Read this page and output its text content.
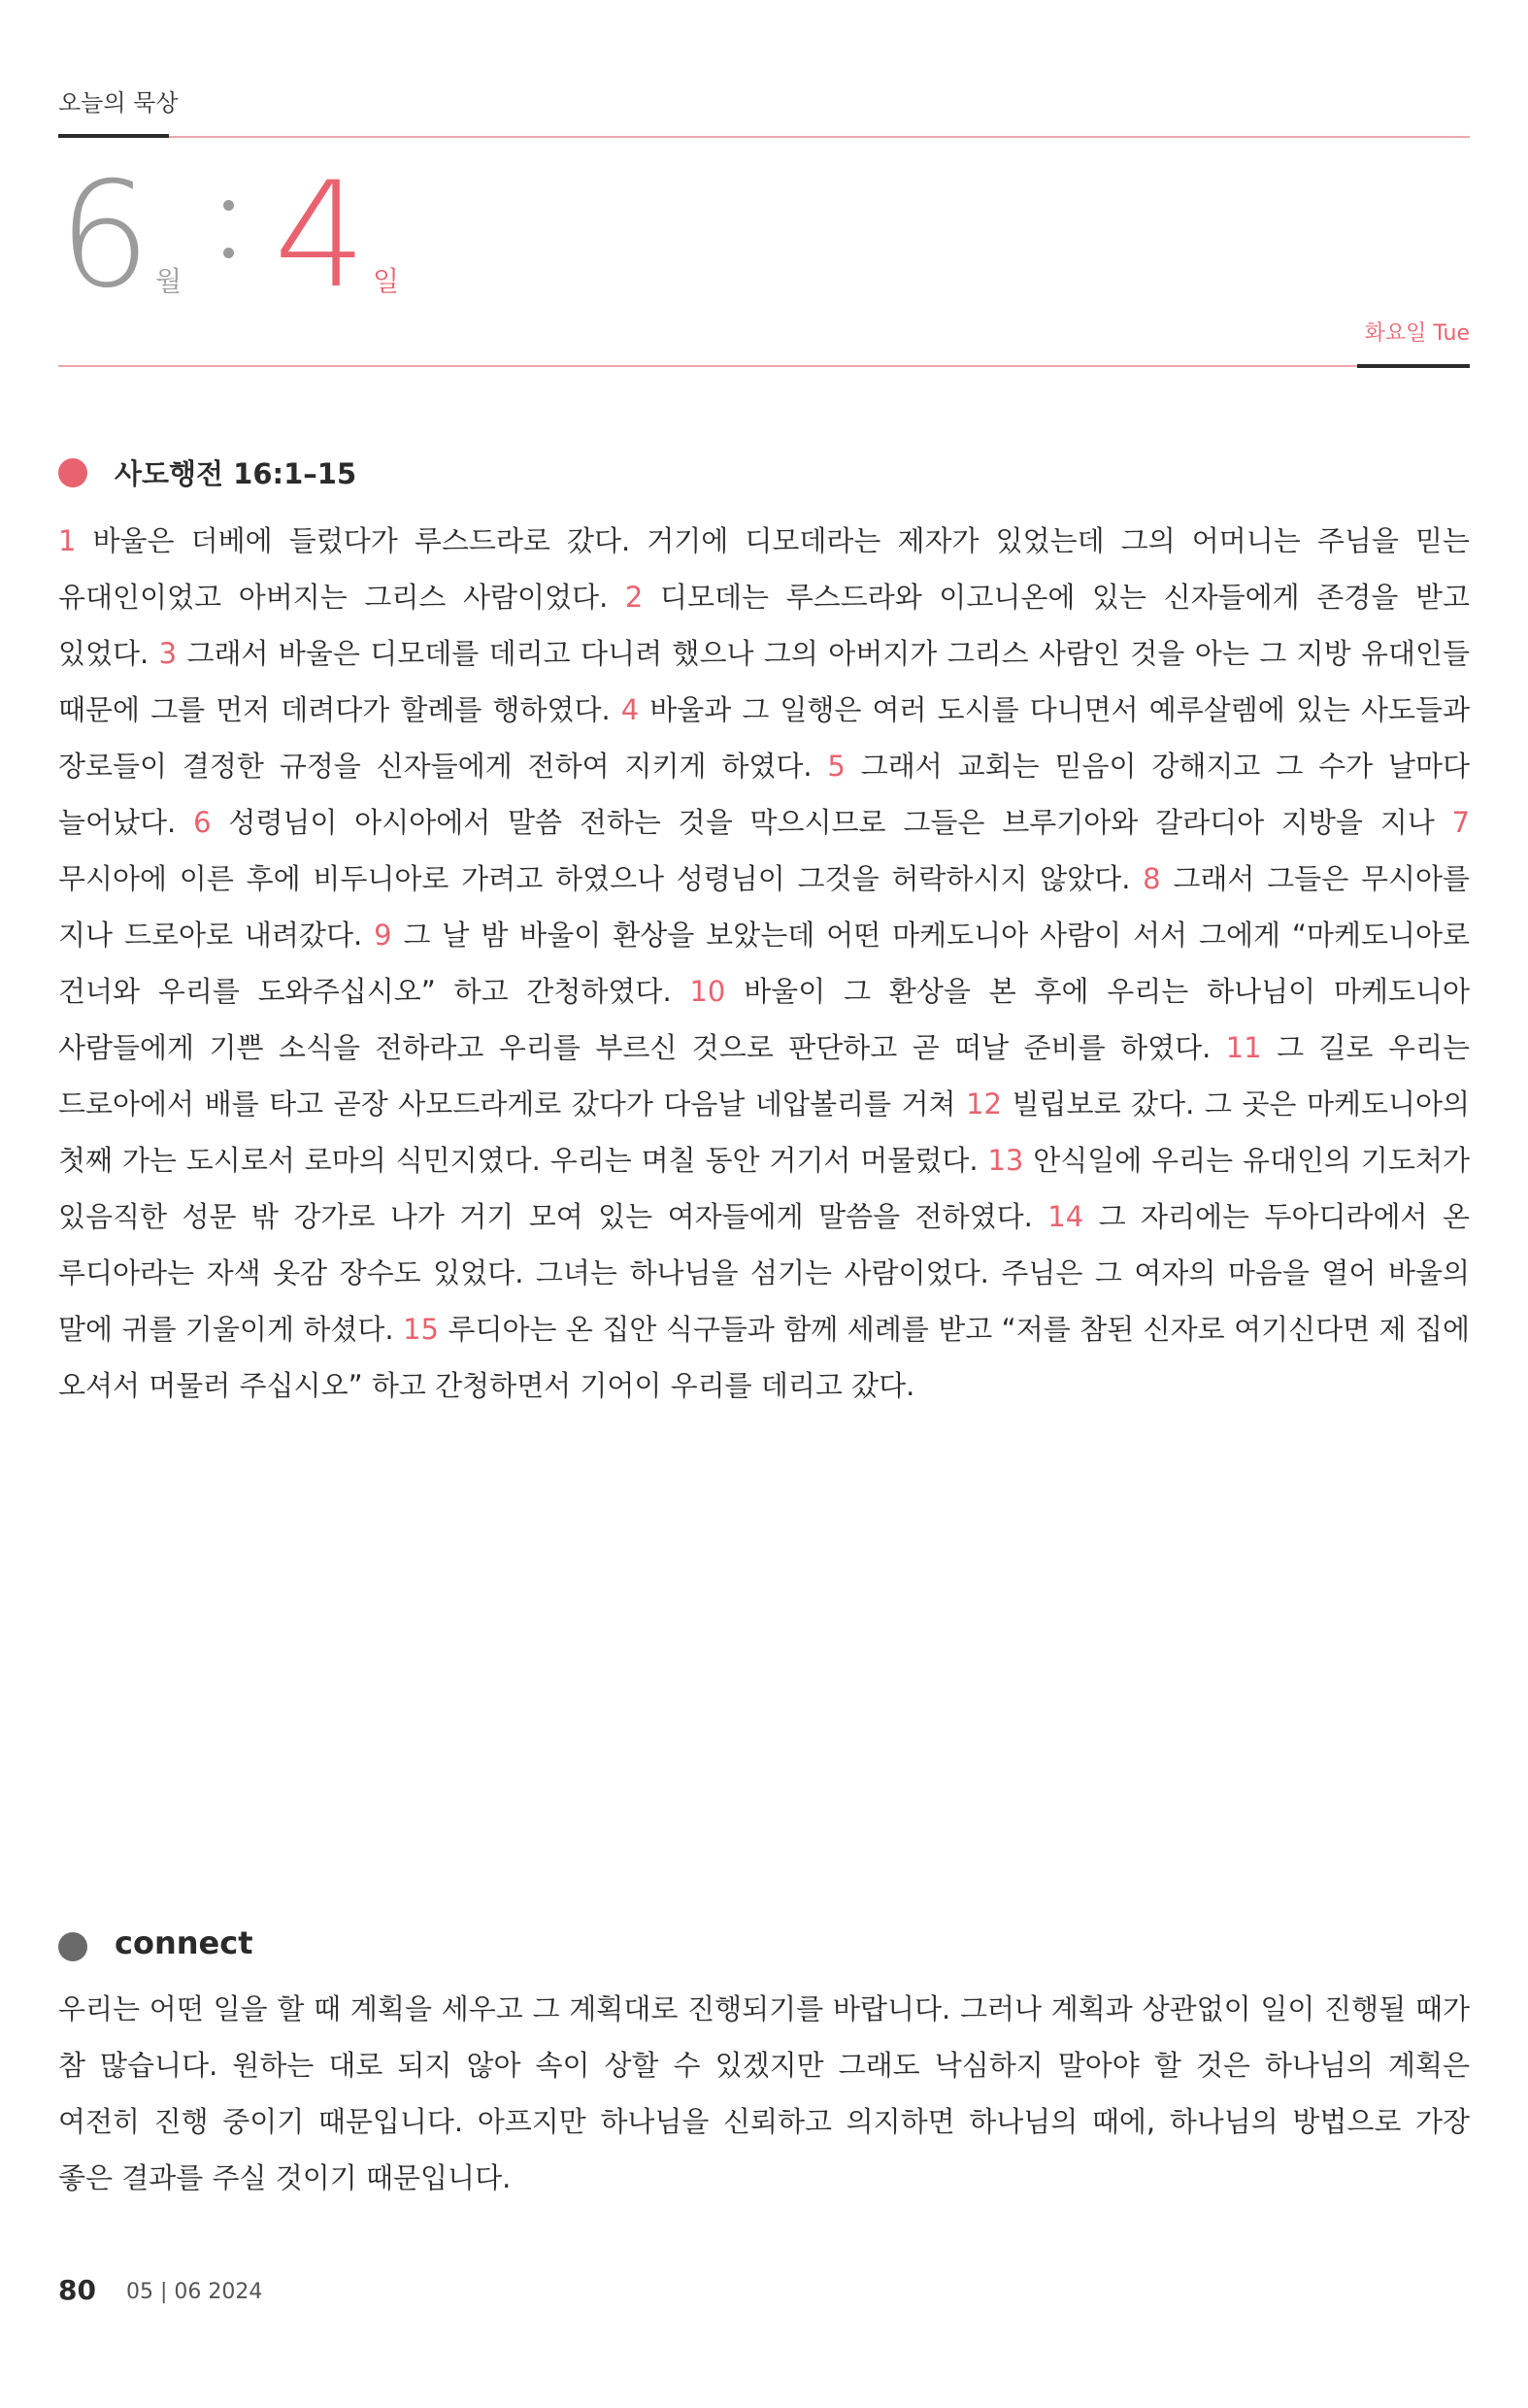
오늘의 묵상
6 월 4 일
화요일 Tue
사도행전 16:1–15

1 바울은 더베에 들렀다가 루스드라로 갔다. 거기에 디모데라는 제자가 있었는데 그의 어머니는 주님을 믿는 유대인이었고 아버지는 그리스 사람이었다. 2 디모데는 루스드라와 이고니온에 있는 신자들에게 존경을 받고 있었다. 3 그래서 바울은 디모데를 데리고 다니려 했으나 그의 아버지가 그리스 사람인 것을 아는 그 지방 유대인들 때문에 그를 먼저 데려다가 할례를 행하였다. 4 바울과 그 일행은 여러 도시를 다니면서 예루살렘에 있는 사도들과 장로들이 결정한 규정을 신자들에게 전하여 지키게 하였다. 5 그래서 교회는 믿음이 강해지고 그 수가 날마다 늘어났다. 6 성령님이 아시아에서 말씀 전하는 것을 막으시므로 그들은 브루기아와 갈라디아 지방을 지나 7 무시아에 이른 후에 비두니아로 가려고 하였으나 성령님이 그것을 허락하시지 않았다. 8 그래서 그들은 무시아를 지나 드로아로 내려갔다. 9 그 날 밤 바울이 환상을 보았는데 어떤 마케도니아 사람이 서서 그에게 “마케도니아로 건너와 우리를 도와주십시오” 하고 간청하였다. 10 바울이 그 환상을 본 후에 우리는 하나님이 마케도니아 사람들에게 기쁜 소식을 전하라고 우리를 부르신 것으로 판단하고 곧 떠날 준비를 하였다. 11 그 길로 우리는 드로아에서 배를 타고 곧장 사모드라게로 갔다가 다음날 네압볼리를 거쳐 12 빌립보로 갔다. 그 곳은 마케도니아의 첫째 가는 도시로서 로마의 식민지였다. 우리는 며칠 동안 거기서 머물렀다. 13 안식일에 우리는 유대인의 기도처가 있음직한 성문 밖 강가로 나가 거기 모여 있는 여자들에게 말씀을 전하였다. 14 그 자리에는 두아디라에서 온 루디아라는 자색 옷감 장수도 있었다. 그녀는 하나님을 섬기는 사람이었다. 주님은 그 여자의 마음을 열어 바울의 말에 귀를 기울이게 하셨다. 15 루디아는 온 집안 식구들과 함께 세례를 받고 “저를 참된 신자로 여기신다면 제 집에 오셔서 머물러 주십시오” 하고 간청하면서 기어이 우리를 데리고 갔다.

connect

우리는 어떤 일을 할 때 계획을 세우고 그 계획대로 진행되기를 바랍니다. 그러나 계획과 상관없이 일이 진행될 때가 참 많습니다. 원하는 대로 되지 않아 속이 상할 수 있겠지만 그래도 낙심하지 말아야 할 것은 하나님의 계획은 여전히 진행 중이기 때문입니다. 아프지만 하나님을 신뢰하고 의지하면 하나님의 때에, 하나님의 방법으로 가장 좋은 결과를 주실 것이기 때문입니다.

80 05 | 06 2024
